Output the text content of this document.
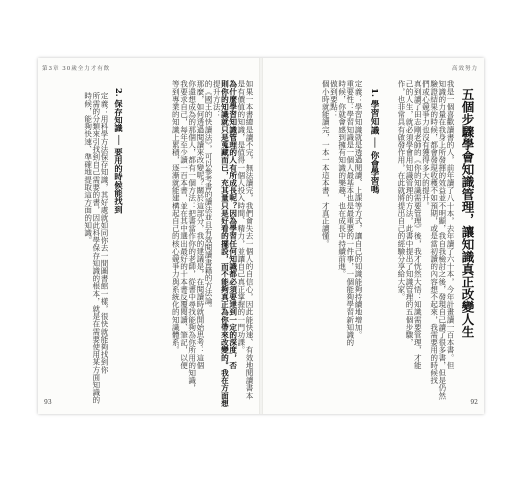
第3章 30歲全力才有飲
如果一本書總是讀不完，無法讀完，我們會失去一個人的自信心，因此能快速、有效地閱讀書本
是有價值的知識，是值得一個人投入時間、精力，並讓自己真正掌握的一門功課。
為什麼學習知識管理的人有所成長呢？因為學習任何知識都必須要達到一定的深度，否
則你的知識就只是蒐藏而已，充其量只是好看的擺設，而不能夠真正為你帶來改變的。我在方面想
提升方法：
的《國王的快讀法》，可以參考書的讀法並且有效閱讀書籍的方法論。
那麼，如何透過閱讀來改變呢？關於這部分，我的建議是，在閱讀時就開始思考：這個
你還想成為的那個人，都有一個方法：把書當作你的老師，從書中尋找能夠為你所用的知識，
我要求自己，每年至少讀一百本書，並在其中選出最好的十本書反覆閱讀、筆記，以便
等到專業的知識上累積，逐漸就能建構起自己的核心競爭力與系統化的知識體系。
2. 保存知識 ── 要用的時候能找到
定義：用科學方法保存知識，其好處就如同你去一間圖書館一樣，很快就能夠找到你
所需的分類來引找到自己需要的書，因此科學保存知識的根本，就是在需要使用某方面知識的
時候，能夠快速、準確地提取這方面的知識。
93
高效努力
五個步驟學會知識管理，讓知識真正改變人生
我是一個喜歡讀書的人，前年讀了八十本，去年讀了六十本，今年計畫讀一百本書。但
知識的力量在我身上所發揮的效益並不明顯，我自我檢討之後，發現自己讀了很多書，但是仍然
驗證結果的時候，都會發現收穫不如預期，或是當初讀的內容想不起來，我需要用的時候找
們或心競爭力也沒有獲得多大的提升。
真到讀了田志剛老師的《你的知識需要管理》後，我才恍然大悟：知識需要管理，才能
己的人生，就必須學會用知識管理的方法，此書中提出了知識管理的五個步驟，
作，也非常具有啟發作用，在此就將提出自己的經驗分享給大家。
1. 學習知識 ── 你會學習嗎
定義：學習知識就是透過閱讀、上課等方式，讓自己的知識能夠持續地增加。
重要性：學習知識是一個人最基本也是最重要的一件事，一個能夠學習新知識的
時候，你就會感到擁有知識的樂趣，也在成長中持續前進。
做到要點：
個小時就能讀完，一本一本這本書，才真正讀懂。
92
